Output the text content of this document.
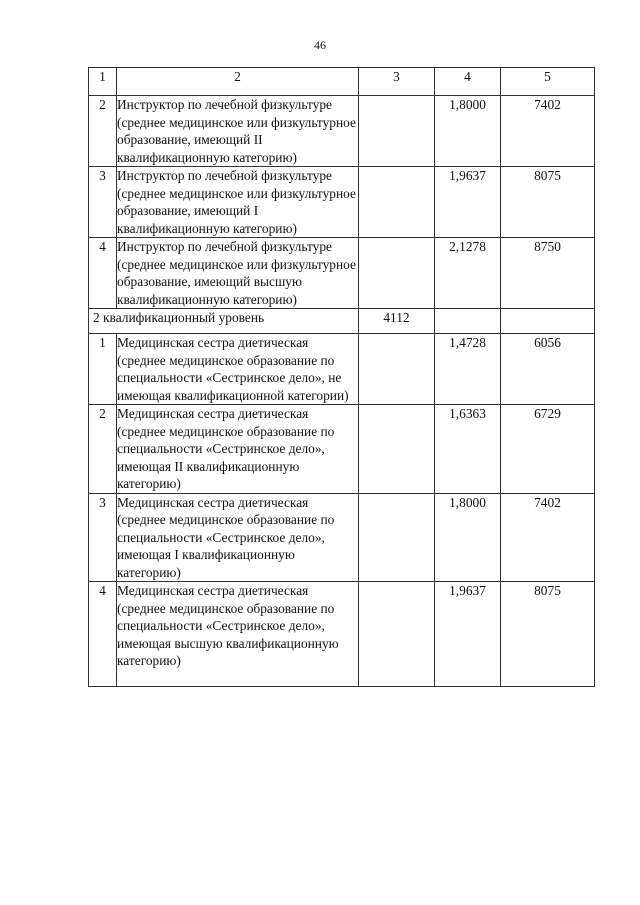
46
1	2	3	4	5
2	Инструктор по лечебной физкультуре (среднее медицинское или физкультурное образование, имеющий II квалификационную категорию)		1,8000	7402
3	Инструктор по лечебной физкультуре (среднее медицинское или физкультурное образование, имеющий I квалификационную категорию)		1,9637	8075
4	Инструктор по лечебной физкультуре (среднее медицинское или физкультурное образование, имеющий высшую квалификационную категорию)		2,1278	8750
2 квалификационный уровень		4112		
1	Медицинская сестра диетическая (среднее медицинское образование по специальности «Сестринское дело», не имеющая квалификационной категории)		1,4728	6056
2	Медицинская сестра диетическая (среднее медицинское образование по специальности «Сестринское дело», имеющая II квалификационную категорию)		1,6363	6729
3	Медицинская сестра диетическая (среднее медицинское образование по специальности «Сестринское дело», имеющая I квалификационную категорию)		1,8000	7402
4	Медицинская сестра диетическая (среднее медицинское образование по специальности «Сестринское дело», имеющая высшую квалификационную категорию)		1,9637	8075
